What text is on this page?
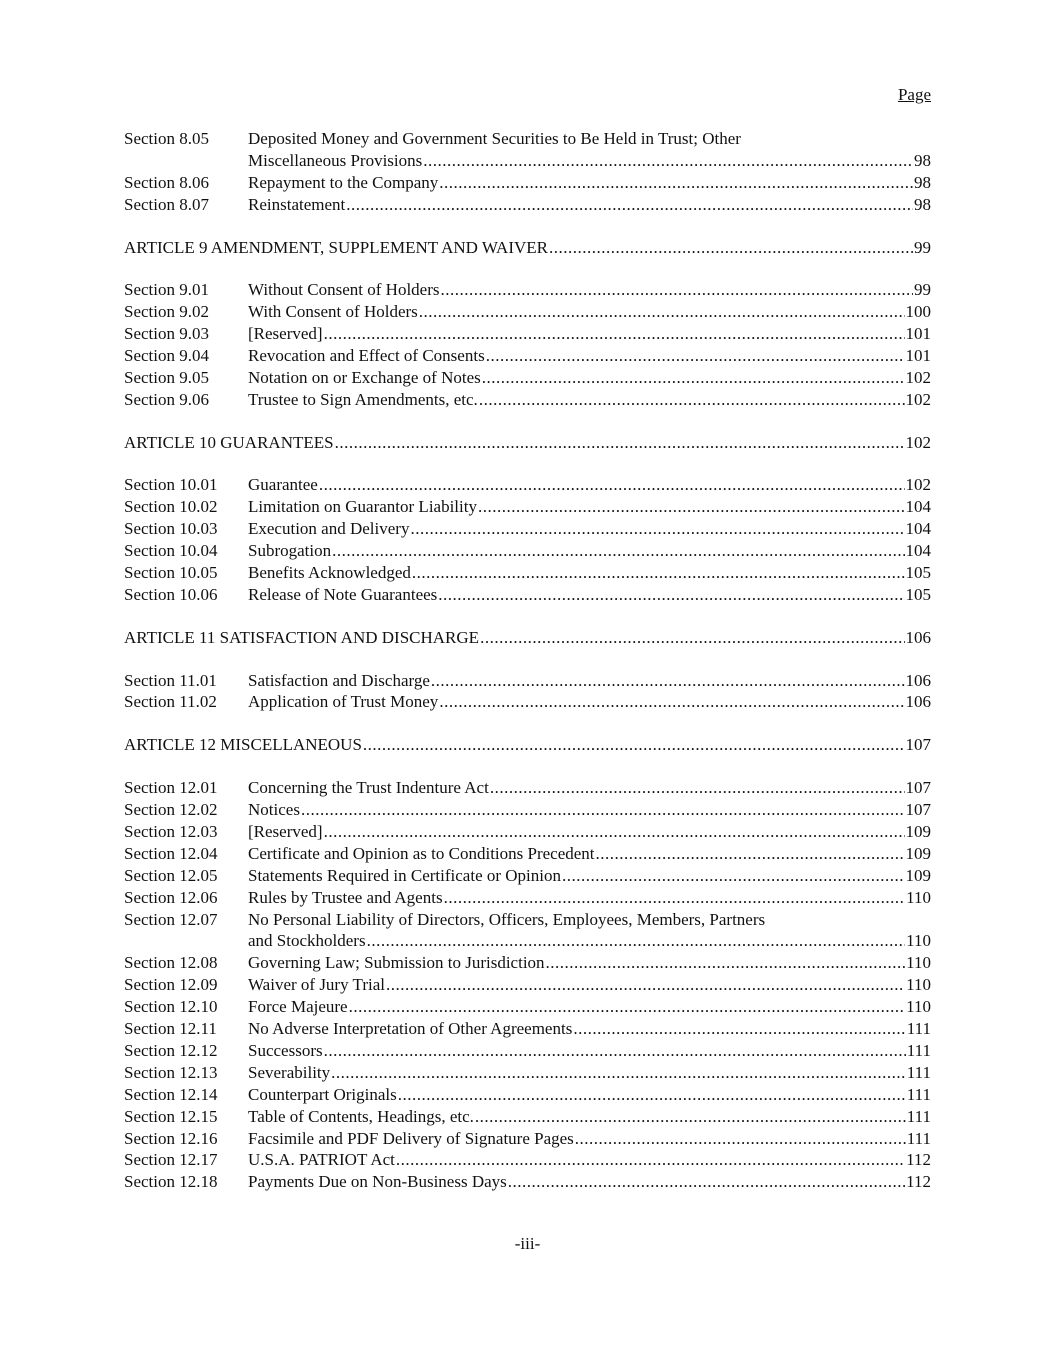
Page
Section 8.05	Deposited Money and Government Securities to Be Held in Trust; Other
Miscellaneous Provisions .....	98
Section 8.06	Repayment to the Company .....	98
Section 8.07	Reinstatement .....	98
ARTICLE 9 AMENDMENT, SUPPLEMENT AND WAIVER .....	99
Section 9.01	Without Consent of Holders .....	99
Section 9.02	With Consent of Holders .....	100
Section 9.03	[Reserved] .....	101
Section 9.04	Revocation and Effect of Consents .....	101
Section 9.05	Notation on or Exchange of Notes .....	102
Section 9.06	Trustee to Sign Amendments, etc. .....	102
ARTICLE 10 GUARANTEES .....	102
Section 10.01	Guarantee .....	102
Section 10.02	Limitation on Guarantor Liability .....	104
Section 10.03	Execution and Delivery .....	104
Section 10.04	Subrogation .....	104
Section 10.05	Benefits Acknowledged .....	105
Section 10.06	Release of Note Guarantees .....	105
ARTICLE 11 SATISFACTION AND DISCHARGE .....	106
Section 11.01	Satisfaction and Discharge .....	106
Section 11.02	Application of Trust Money .....	106
ARTICLE 12 MISCELLANEOUS .....	107
Section 12.01	Concerning the Trust Indenture Act .....	107
Section 12.02	Notices .....	107
Section 12.03	[Reserved] .....	109
Section 12.04	Certificate and Opinion as to Conditions Precedent .....	109
Section 12.05	Statements Required in Certificate or Opinion .....	109
Section 12.06	Rules by Trustee and Agents .....	110
Section 12.07	No Personal Liability of Directors, Officers, Employees, Members, Partners
and Stockholders .....	110
Section 12.08	Governing Law; Submission to Jurisdiction .....	110
Section 12.09	Waiver of Jury Trial .....	110
Section 12.10	Force Majeure .....	110
Section 12.11	No Adverse Interpretation of Other Agreements .....	111
Section 12.12	Successors .....	111
Section 12.13	Severability .....	111
Section 12.14	Counterpart Originals .....	111
Section 12.15	Table of Contents, Headings, etc. .....	111
Section 12.16	Facsimile and PDF Delivery of Signature Pages .....	111
Section 12.17	U.S.A. PATRIOT Act .....	112
Section 12.18	Payments Due on Non-Business Days .....	112
-iii-
